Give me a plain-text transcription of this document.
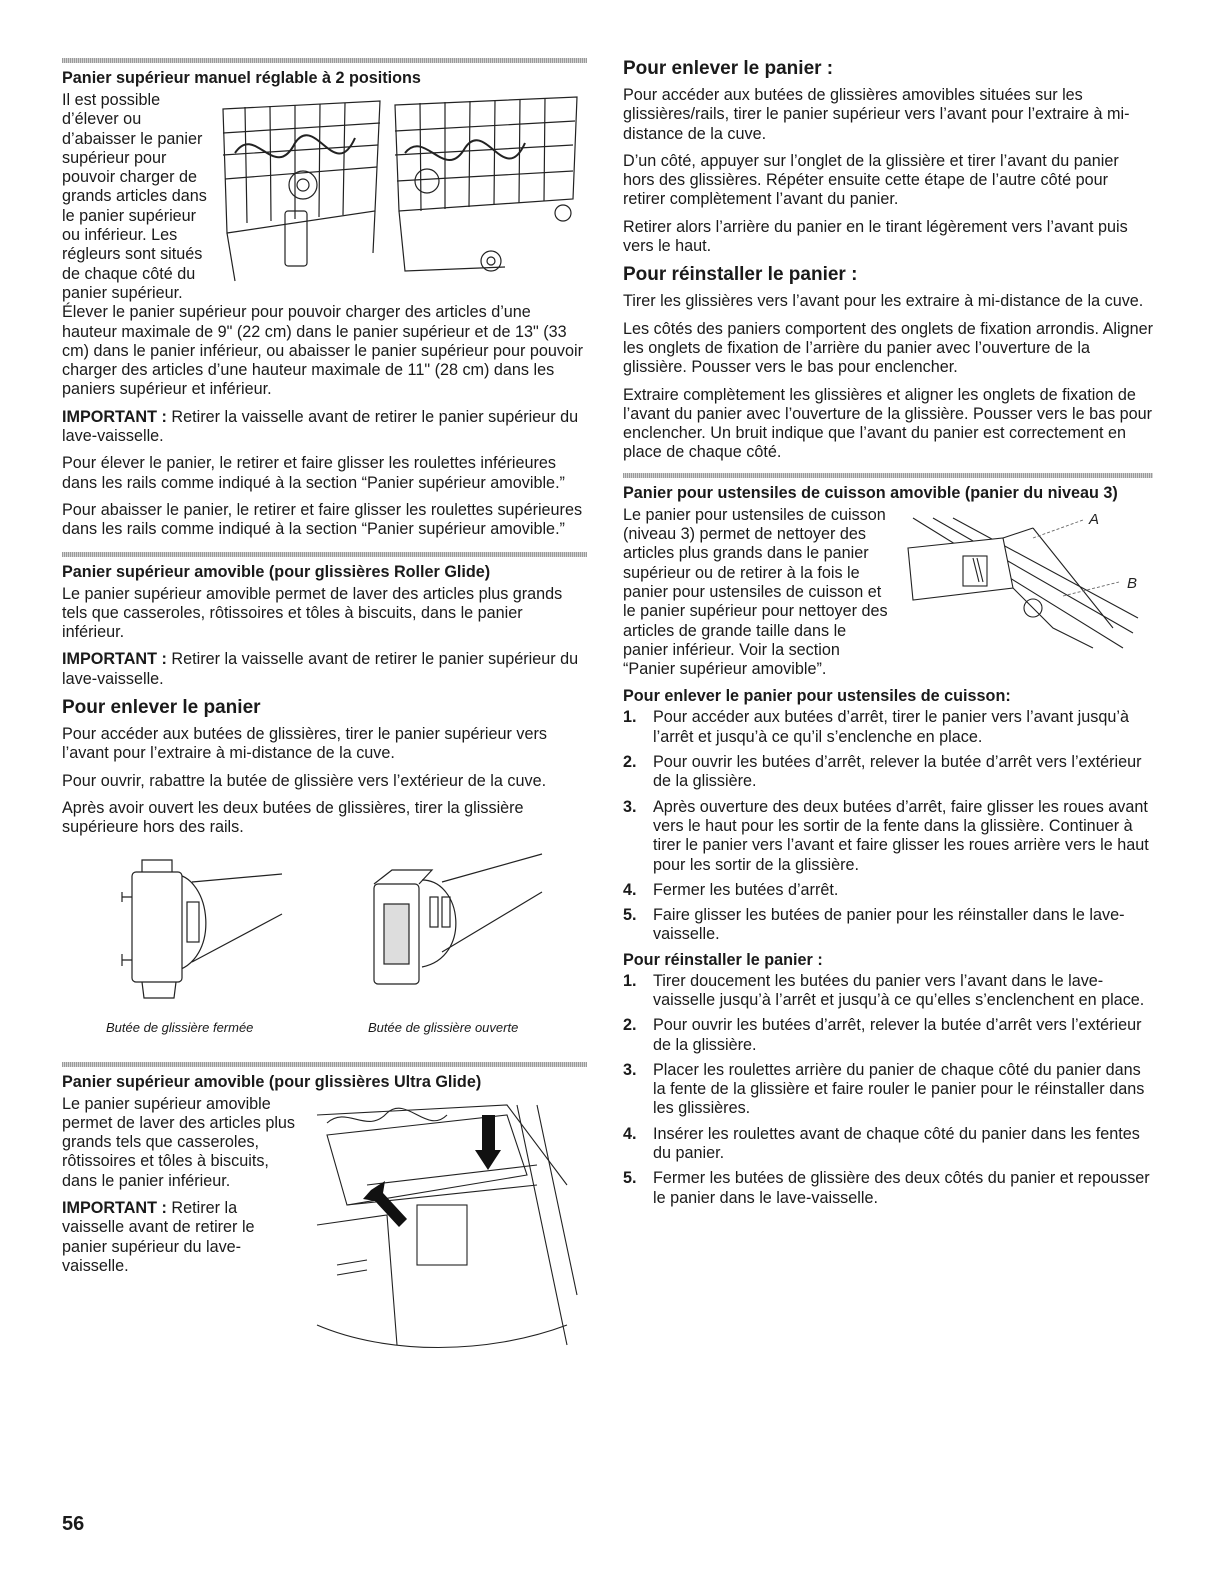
Panier supérieur manuel réglable à 2 positions

Il est possible d’élever ou d’abaisser le panier supérieur pour pouvoir charger de grands articles dans le panier supérieur ou inférieur. Les régleurs sont situés de chaque côté du panier supérieur. Élever le panier supérieur pour pouvoir charger des articles d’une hauteur maximale de 9" (22 cm) dans le panier supérieur et de 13" (33 cm) dans le panier inférieur, ou abaisser le panier supérieur pour pouvoir charger des articles d’une hauteur maximale de 11" (28 cm) dans les paniers supérieur et inférieur.

IMPORTANT : Retirer la vaisselle avant de retirer le panier supérieur du lave-vaisselle.

Pour élever le panier, le retirer et faire glisser les roulettes inférieures dans les rails comme indiqué à la section “Panier supérieur amovible.”

Pour abaisser le panier, le retirer et faire glisser les roulettes supérieures dans les rails comme indiqué à la section “Panier supérieur amovible.”

Panier supérieur amovible (pour glissières Roller Glide)

Le panier supérieur amovible permet de laver des articles plus grands tels que casseroles, rôtissoires et tôles à biscuits, dans le panier inférieur.

IMPORTANT : Retirer la vaisselle avant de retirer le panier supérieur du lave-vaisselle.

Pour enlever le panier

Pour accéder aux butées de glissières, tirer le panier supérieur vers l’avant pour l’extraire à mi-distance de la cuve.

Pour ouvrir, rabattre la butée de glissière vers l’extérieur de la cuve.

Après avoir ouvert les deux butées de glissières, tirer la glissière supérieure hors des rails.

Butée de glissière fermée	Butée de glissière ouverte
Panier supérieur amovible (pour glissières Ultra Glide)

Le panier supérieur amovible permet de laver des articles plus grands tels que casseroles, rôtissoires et tôles à biscuits, dans le panier inférieur.

IMPORTANT : Retirer la vaisselle avant de retirer le panier supérieur du lave-vaisselle.

Pour enlever le panier :

Pour accéder aux butées de glissières amovibles situées sur les glissières/rails, tirer le panier supérieur vers l’avant pour l’extraire à mi-distance de la cuve.

D’un côté, appuyer sur l’onglet de la glissière et tirer l’avant du panier hors des glissières. Répéter ensuite cette étape de l’autre côté pour retirer complètement l’avant du panier.

Retirer alors l’arrière du panier en le tirant légèrement vers l’avant puis vers le haut.

Pour réinstaller le panier :

Tirer les glissières vers l’avant pour les extraire à mi-distance de la cuve.

Les côtés des paniers comportent des onglets de fixation arrondis. Aligner les onglets de fixation de l’arrière du panier avec l’ouverture de la glissière. Pousser vers le bas pour enclencher.

Extraire complètement les glissières et aligner les onglets de fixation de l’avant du panier avec l’ouverture de la glissière. Pousser vers le bas pour enclencher. Un bruit indique que l’avant du panier est correctement en place de chaque côté.

Panier pour ustensiles de cuisson amovible (panier du niveau 3)
A
B

Le panier pour ustensiles de cuisson (niveau 3) permet de nettoyer des articles plus grands dans le panier supérieur ou de retirer à la fois le panier pour ustensiles de cuisson et le panier supérieur pour nettoyer des articles de grande taille dans le panier inférieur. Voir la section “Panier supérieur amovible”.

Pour enlever le panier pour ustensiles de cuisson:
1. Pour accéder aux butées d’arrêt, tirer le panier vers l’avant jusqu’à l’arrêt et jusqu’à ce qu’il s’enclenche en place.
2. Pour ouvrir les butées d’arrêt, relever la butée d’arrêt vers l’extérieur de la glissière.
3. Après ouverture des deux butées d’arrêt, faire glisser les roues avant vers le haut pour les sortir de la fente dans la glissière. Continuer à tirer le panier vers l’avant et faire glisser les roues arrière vers le haut pour les sortir de la glissière.
4. Fermer les butées d’arrêt.
5. Faire glisser les butées de panier pour les réinstaller dans le lave-vaisselle.
Pour réinstaller le panier :
1. Tirer doucement les butées du panier vers l’avant dans le lave-vaisselle jusqu’à l’arrêt et jusqu’à ce qu’elles s’enclenchent en place.
2. Pour ouvrir les butées d’arrêt, relever la butée d’arrêt vers l’extérieur de la glissière.
3. Placer les roulettes arrière du panier de chaque côté du panier dans la fente de la glissière et faire rouler le panier pour le réinstaller dans les glissières.
4. Insérer les roulettes avant de chaque côté du panier dans les fentes du panier.
5. Fermer les butées de glissière des deux côtés du panier et repousser le panier dans le lave-vaisselle.
56
